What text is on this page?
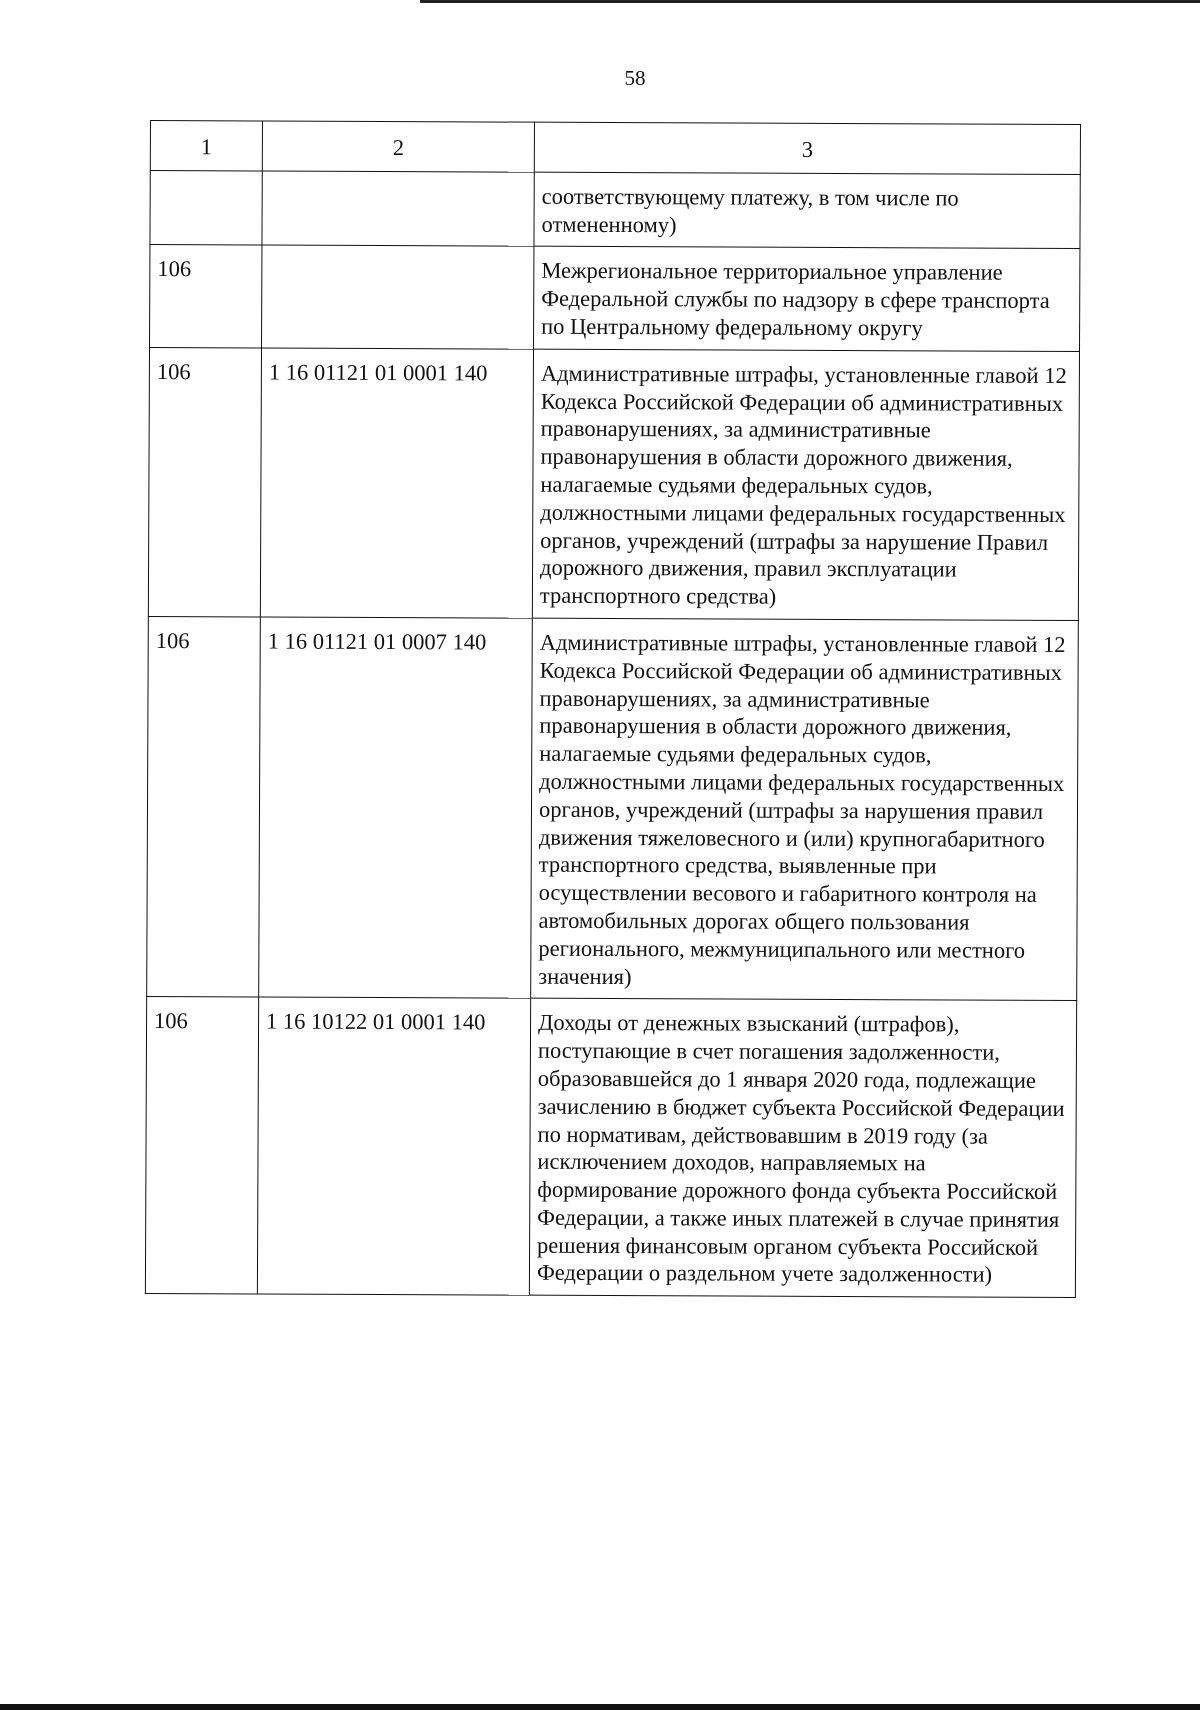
58
1	2	3
		соответствующему платежу, в том числе по отмененному)
106		Межрегиональное территориальное управление Федеральной службы по надзору в сфере транспорта по Центральному федеральному округу
106	1 16 01121 01 0001 140	Административные штрафы, установленные главой 12 Кодекса Российской Федерации об административных правонарушениях, за административные правонарушения в области дорожного движения, налагаемые судьями федеральных судов, должностными лицами федеральных государственных органов, учреждений (штрафы за нарушение Правил дорожного движения, правил эксплуатации транспортного средства)
106	1 16 01121 01 0007 140	Административные штрафы, установленные главой 12 Кодекса Российской Федерации об административных правонарушениях, за административные правонарушения в области дорожного движения, налагаемые судьями федеральных судов, должностными лицами федеральных государственных органов, учреждений (штрафы за нарушения правил движения тяжеловесного и (или) крупногабаритного транспортного средства, выявленные при осуществлении весового и габаритного контроля на автомобильных дорогах общего пользования регионального, межмуниципального или местного значения)
106	1 16 10122 01 0001 140	Доходы от денежных взысканий (штрафов), поступающие в счет погашения задолженности, образовавшейся до 1 января 2020 года, подлежащие зачислению в бюджет субъекта Российской Федерации по нормативам, действовавшим в 2019 году (за исключением доходов, направляемых на формирование дорожного фонда субъекта Российской Федерации, а также иных платежей в случае принятия решения финансовым органом субъекта Российской Федерации о раздельном учете задолженности)
